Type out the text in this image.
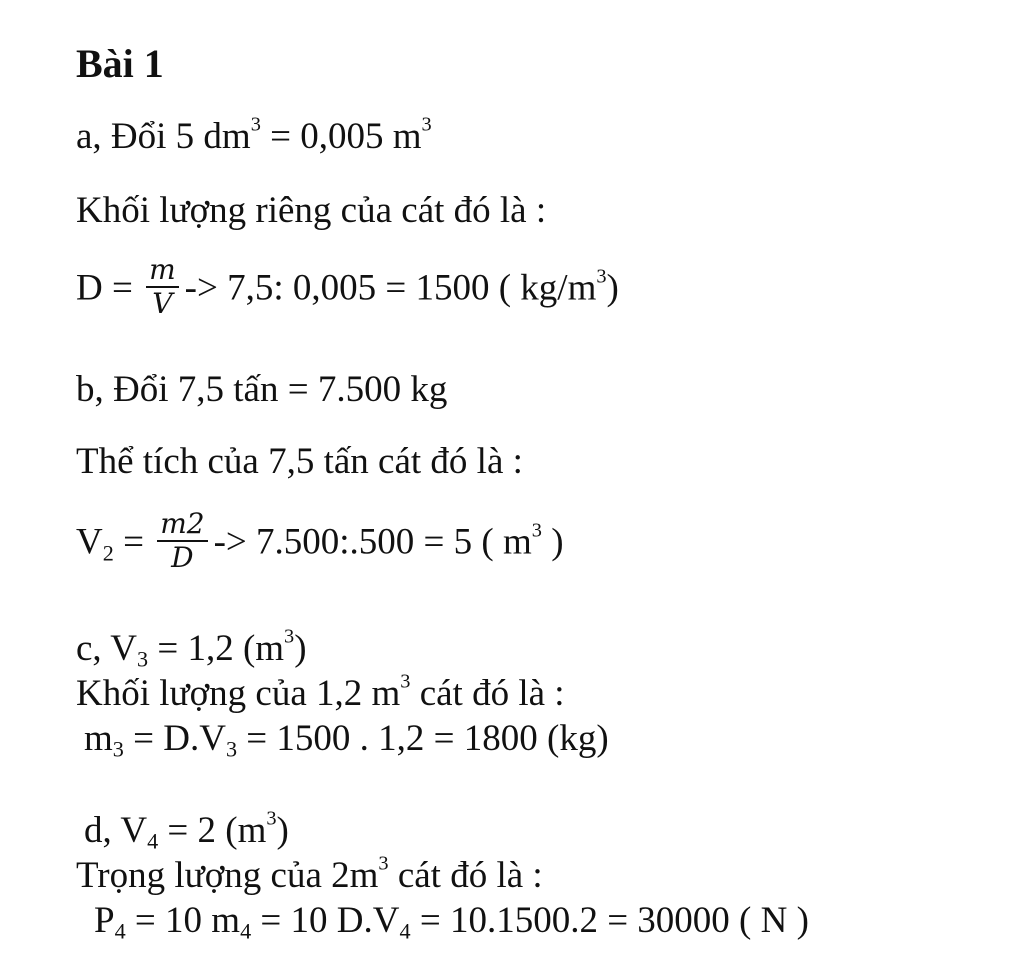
Bài 1
a, Đổi 5 $dm^3 = 0,005$ $m^3$
Khối lượng riêng của cát đó là :
$D = \frac{m}{V} -> 7,5$: 0,005 = 1500 ( $kg/m^3$)
b, Đổi 7,5 tấn = 7.500 kg
Thể tích của 7,5 tấn cát đó là :
$V_2 = \frac{m2}{D}$ -> 7.500:.500 = 5 ( $m^3$ )
c, $V_3 = 1,2$ $(m^3)$
Khối lượng của 1,2 $m^3$ cát đó là :
$m_3 = D.V_3 = 1500$ . 1,2 = 1800 (kg)
d, $V_4 = 2$ $(m^3)$
Trọng lượng của $2m^3$ cát đó là :
$P_4 = 10$ $m_4 = 10$ $D.V_4 = 10.1500.2 = 30000$ ( N )
